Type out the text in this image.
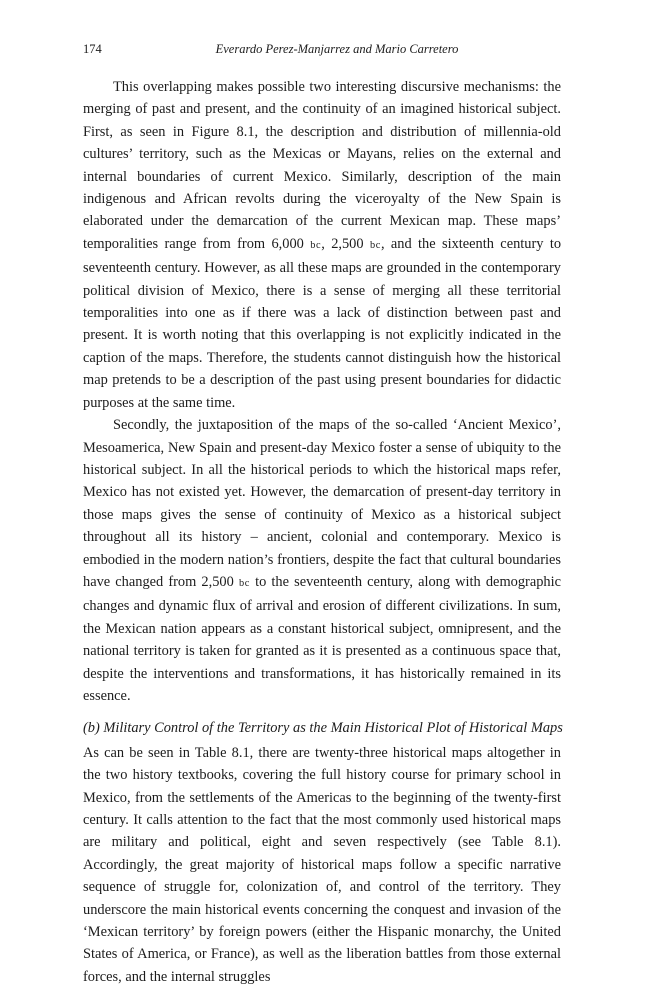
174	Everardo Perez-Manjarrez and Mario Carretero

This overlapping makes possible two interesting discursive mechanisms: the merging of past and present, and the continuity of an imagined historical subject. First, as seen in Figure 8.1, the description and distribution of millennia-old cultures’ territory, such as the Mexicas or Mayans, relies on the external and internal boundaries of current Mexico. Similarly, description of the main indigenous and African revolts during the viceroyalty of the New Spain is elaborated under the demarcation of the current Mexican map. These maps’ temporalities range from from 6,000 bc, 2,500 bc, and the sixteenth century to seventeenth century. However, as all these maps are grounded in the contemporary political division of Mexico, there is a sense of merging all these territorial temporalities into one as if there was a lack of distinction between past and present. It is worth noting that this overlapping is not explicitly indicated in the caption of the maps. Therefore, the students cannot distinguish how the historical map pretends to be a description of the past using present boundaries for didactic purposes at the same time.

Secondly, the juxtaposition of the maps of the so-called ‘Ancient Mexico’, Mesoamerica, New Spain and present-day Mexico foster a sense of ubiquity to the historical subject. In all the historical periods to which the historical maps refer, Mexico has not existed yet. However, the demarcation of present-day territory in those maps gives the sense of continuity of Mexico as a historical subject throughout all its history – ancient, colonial and contemporary. Mexico is embodied in the modern nation’s frontiers, despite the fact that cultural boundaries have changed from 2,500 bc to the seventeenth century, along with demographic changes and dynamic flux of arrival and erosion of different civilizations. In sum, the Mexican nation appears as a constant historical subject, omnipresent, and the national territory is taken for granted as it is presented as a continuous space that, despite the interventions and transformations, it has historically remained in its essence.

(b) Military Control of the Territory as the Main Historical Plot of Historical Maps

As can be seen in Table 8.1, there are twenty-three historical maps altogether in the two history textbooks, covering the full history course for primary school in Mexico, from the settlements of the Americas to the beginning of the twenty-first century. It calls attention to the fact that the most commonly used historical maps are military and political, eight and seven respectively (see Table 8.1). Accordingly, the great majority of historical maps follow a specific narrative sequence of struggle for, colonization of, and control of the territory. They underscore the main historical events concerning the conquest and invasion of the ‘Mexican territory’ by foreign powers (either the Hispanic monarchy, the United States of America, or France), as well as the liberation battles from those external forces, and the internal struggles
